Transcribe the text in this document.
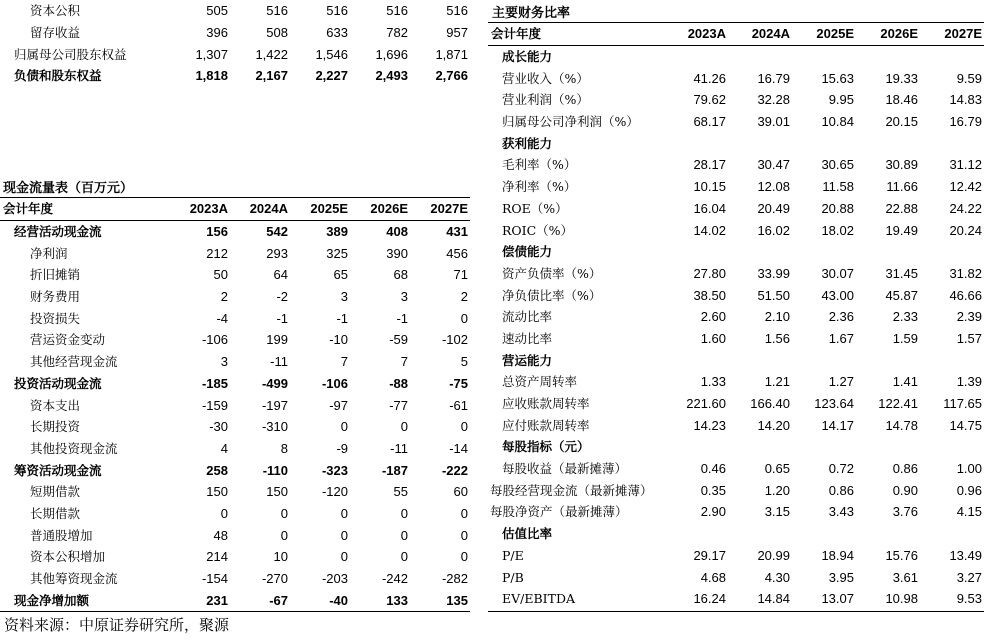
资本公积	505	516	516	516	516
留存收益	396	508	633	782	957
归属母公司股东权益	1,307	1,422	1,546	1,696	1,871
负债和股东权益	1,818	2,167	2,227	2,493	2,766
现金流量表（百万元）
会计年度	2023A	2024A	2025E	2026E	2027E
经营活动现金流	156	542	389	408	431
净利润	212	293	325	390	456
折旧摊销	50	64	65	68	71
财务费用	2	-2	3	3	2
投资损失	-4	-1	-1	-1	0
营运资金变动	-106	199	-10	-59	-102
其他经营现金流	3	-11	7	7	5
投资活动现金流	-185	-499	-106	-88	-75
资本支出	-159	-197	-97	-77	-61
长期投资	-30	-310	0	0	0
其他投资现金流	4	8	-9	-11	-14
筹资活动现金流	258	-110	-323	-187	-222
短期借款	150	150	-120	55	60
长期借款	0	0	0	0	0
普通股增加	48	0	0	0	0
资本公积增加	214	10	0	0	0
其他筹资现金流	-154	-270	-203	-242	-282
现金净增加额	231	-67	-40	133	135
主要财务比率
会计年度	2023A	2024A	2025E	2026E	2027E
成长能力					
营业收入（%）	41.26	16.79	15.63	19.33	9.59
营业利润（%）	79.62	32.28	9.95	18.46	14.83
归属母公司净利润（%）	68.17	39.01	10.84	20.15	16.79
获利能力					
毛利率（%）	28.17	30.47	30.65	30.89	31.12
净利率（%）	10.15	12.08	11.58	11.66	12.42
ROE（%）	16.04	20.49	20.88	22.88	24.22
ROIC（%）	14.02	16.02	18.02	19.49	20.24
偿债能力					
资产负债率（%）	27.80	33.99	30.07	31.45	31.82
净负债比率（%）	38.50	51.50	43.00	45.87	46.66
流动比率	2.60	2.10	2.36	2.33	2.39
速动比率	1.60	1.56	1.67	1.59	1.57
营运能力					
总资产周转率	1.33	1.21	1.27	1.41	1.39
应收账款周转率	221.60	166.40	123.64	122.41	117.65
应付账款周转率	14.23	14.20	14.17	14.78	14.75
每股指标（元）					
每股收益（最新摊薄）	0.46	0.65	0.72	0.86	1.00
每股经营现金流（最新摊薄）	0.35	1.20	0.86	0.90	0.96
每股净资产（最新摊薄）	2.90	3.15	3.43	3.76	4.15
估值比率					
P/E	29.17	20.99	18.94	15.76	13.49
P/B	4.68	4.30	3.95	3.61	3.27
EV/EBITDA	16.24	14.84	13.07	10.98	9.53
资料来源：中原证券研究所，聚源
